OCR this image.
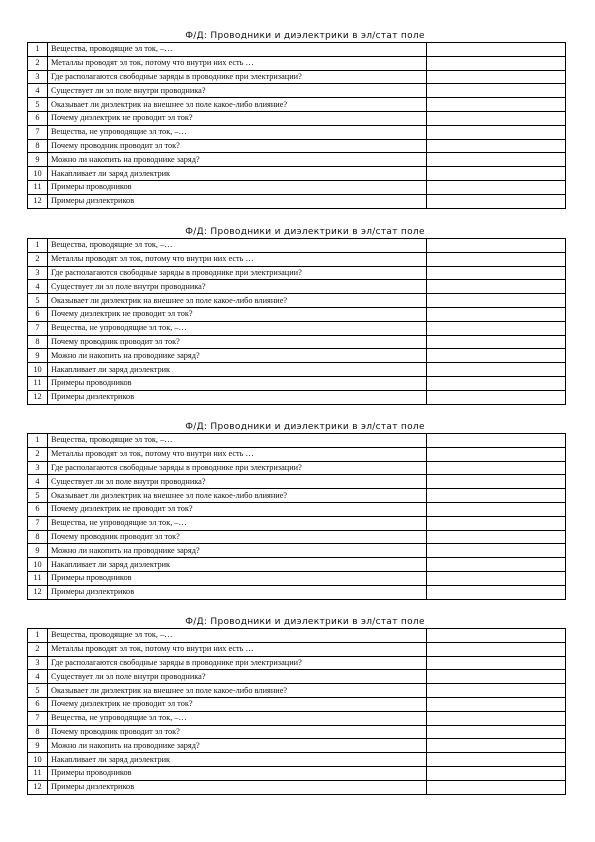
Ф/Д: Проводники и диэлектрики в эл/стат поле
1	Вещества, проводящие эл ток, –…	
2	Металлы проводят эл ток, потому что внутри них есть …	
3	Где располагаются свободные заряды в проводнике при электризации?	
4	Существует ли эл поле внутри проводника?	
5	Оказывает ли диэлектрик на внешнее эл поле какое-либо влияние?	
6	Почему диэлектрик не проводит эл ток?	
7	Вещества, не упроводящие эл ток, –…	
8	Почему проводник проводит эл ток?	
9	Можно ли накопить на проводнике заряд?	
10	Накапливает ли заряд диэлектрик	
11	Примеры проводников	
12	Примеры диэлектриков	
Ф/Д: Проводники и диэлектрики в эл/стат поле
1	Вещества, проводящие эл ток, –…	
2	Металлы проводят эл ток, потому что внутри них есть …	
3	Где располагаются свободные заряды в проводнике при электризации?	
4	Существует ли эл поле внутри проводника?	
5	Оказывает ли диэлектрик на внешнее эл поле какое-либо влияние?	
6	Почему диэлектрик не проводит эл ток?	
7	Вещества, не упроводящие эл ток, –…	
8	Почему проводник проводит эл ток?	
9	Можно ли накопить на проводнике заряд?	
10	Накапливает ли заряд диэлектрик	
11	Примеры проводников	
12	Примеры диэлектриков	
Ф/Д: Проводники и диэлектрики в эл/стат поле
1	Вещества, проводящие эл ток, –…	
2	Металлы проводят эл ток, потому что внутри них есть …	
3	Где располагаются свободные заряды в проводнике при электризации?	
4	Существует ли эл поле внутри проводника?	
5	Оказывает ли диэлектрик на внешнее эл поле какое-либо влияние?	
6	Почему диэлектрик не проводит эл ток?	
7	Вещества, не упроводящие эл ток, –…	
8	Почему проводник проводит эл ток?	
9	Можно ли накопить на проводнике заряд?	
10	Накапливает ли заряд диэлектрик	
11	Примеры проводников	
12	Примеры диэлектриков	
Ф/Д: Проводники и диэлектрики в эл/стат поле
1	Вещества, проводящие эл ток, –…	
2	Металлы проводят эл ток, потому что внутри них есть …	
3	Где располагаются свободные заряды в проводнике при электризации?	
4	Существует ли эл поле внутри проводника?	
5	Оказывает ли диэлектрик на внешнее эл поле какое-либо влияние?	
6	Почему диэлектрик не проводит эл ток?	
7	Вещества, не упроводящие эл ток, –…	
8	Почему проводник проводит эл ток?	
9	Можно ли накопить на проводнике заряд?	
10	Накапливает ли заряд диэлектрик	
11	Примеры проводников	
12	Примеры диэлектриков	
